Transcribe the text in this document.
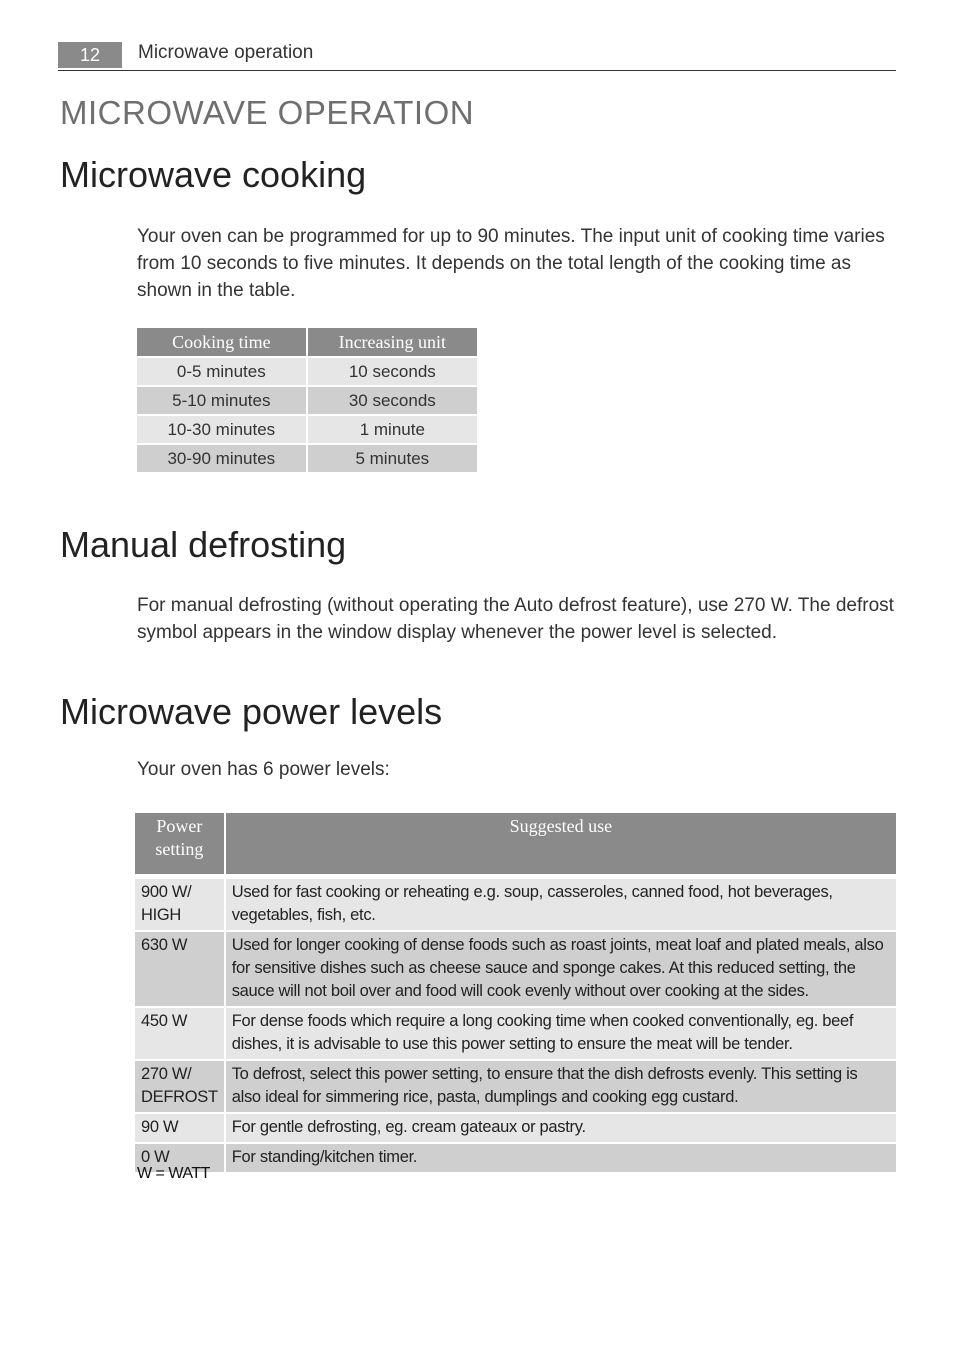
12	Microwave operation
MICROWAVE OPERATION
Microwave cooking

Your oven can be programmed for up to 90 minutes. The input unit of cooking time varies from 10 seconds to five minutes. It depends on the total length of the cooking time as shown in the table.

Cooking time	Increasing unit
0-5 minutes	10 seconds
5-10 minutes	30 seconds
10-30 minutes	1 minute
30-90 minutes	5 minutes
Manual defrosting

For manual defrosting (without operating the Auto defrost feature), use 270 W. The defrost symbol appears in the window display whenever the power level is selected.

Microwave power levels

Your oven has 6 power levels:

Power setting	Suggested use
900 W/ HIGH	Used for fast cooking or reheating e.g. soup, casseroles, canned food, hot beverages, vegetables, fish, etc.
630 W	Used for longer cooking of dense foods such as roast joints, meat loaf and plated meals, also for sensitive dishes such as cheese sauce and sponge cakes. At this reduced setting, the sauce will not boil over and food will cook evenly without over cooking at the sides.
450 W	For dense foods which require a long cooking time when cooked conventionally, eg. beef dishes, it is advisable to use this power setting to ensure the meat will be tender.
270 W/ DEFROST	To defrost, select this power setting, to ensure that the dish defrosts evenly. This setting is also ideal for simmering rice, pasta, dumplings and cooking egg custard.
90 W	For gentle defrosting, eg. cream gateaux or pastry.
0 W	For standing/kitchen timer.
W = WATT
